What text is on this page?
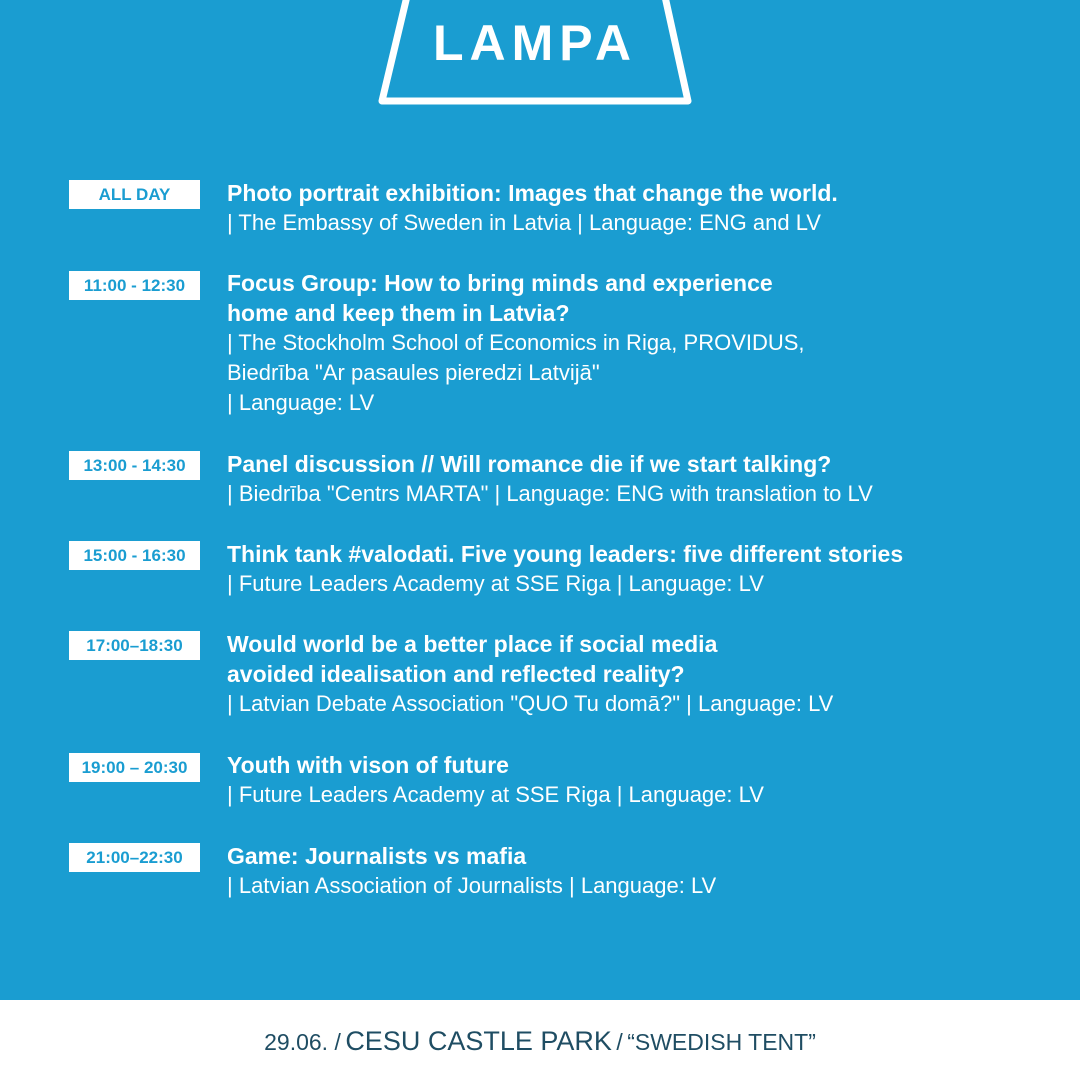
LAMPA
ALL DAY	Photo portrait exhibition: Images that change the world.
| The Embassy of Sweden in Latvia | Language: ENG and LV
11:00 - 12:30	Focus Group: How to bring minds and experience
home and keep them in Latvia?
| The Stockholm School of Economics in Riga, PROVIDUS,
Biedrība "Ar pasaules pieredzi Latvijā"
| Language: LV
13:00 - 14:30	Panel discussion // Will romance die if we start talking?
| Biedrība "Centrs MARTA" | Language: ENG with translation to LV
15:00 - 16:30	Think tank #valodati. Five young leaders: five different stories
| Future Leaders Academy at SSE Riga | Language: LV
17:00–18:30	Would world be a better place if social media
avoided idealisation and reflected reality?
| Latvian Debate Association "QUO Tu domā?" | Language: LV
19:00 – 20:30	Youth with vison of future
| Future Leaders Academy at SSE Riga | Language: LV
21:00–22:30	Game: Journalists vs mafia
| Latvian Association of Journalists | Language: LV
29.06. / CESU CASTLE PARK / “SWEDISH TENT”
